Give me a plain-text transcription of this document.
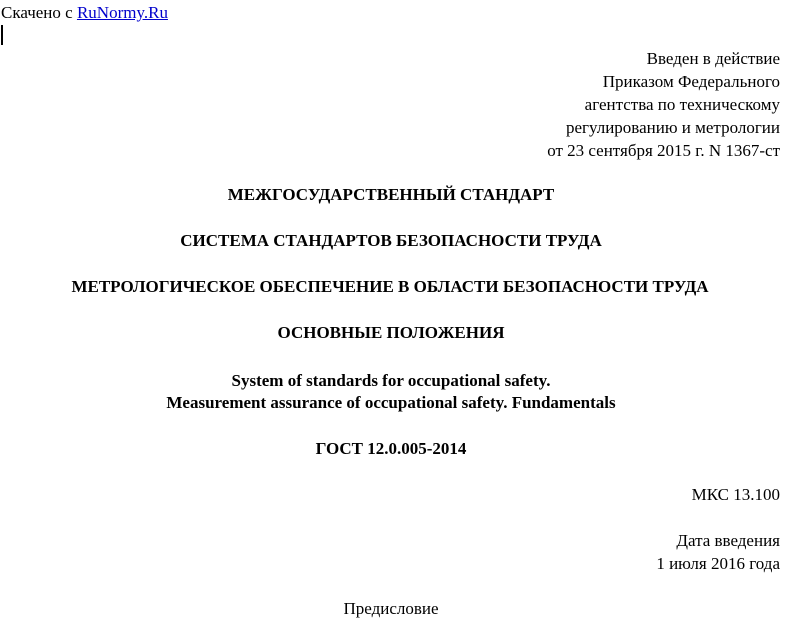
Скачено с RuNormy.Ru
Введен в действие
Приказом Федерального
агентства по техническому
регулированию и метрологии
от 23 сентября 2015 г. N 1367-ст
МЕЖГОСУДАРСТВЕННЫЙ СТАНДАРТ
СИСТЕМА СТАНДАРТОВ БЕЗОПАСНОСТИ ТРУДА
МЕТРОЛОГИЧЕСКОЕ ОБЕСПЕЧЕНИЕ В ОБЛАСТИ БЕЗОПАСНОСТИ ТРУДА
ОСНОВНЫЕ ПОЛОЖЕНИЯ
System of standards for occupational safety.
Measurement assurance of occupational safety. Fundamentals
ГОСТ 12.0.005-2014
МКС 13.100
Дата введения
1 июля 2016 года
Предисловие
